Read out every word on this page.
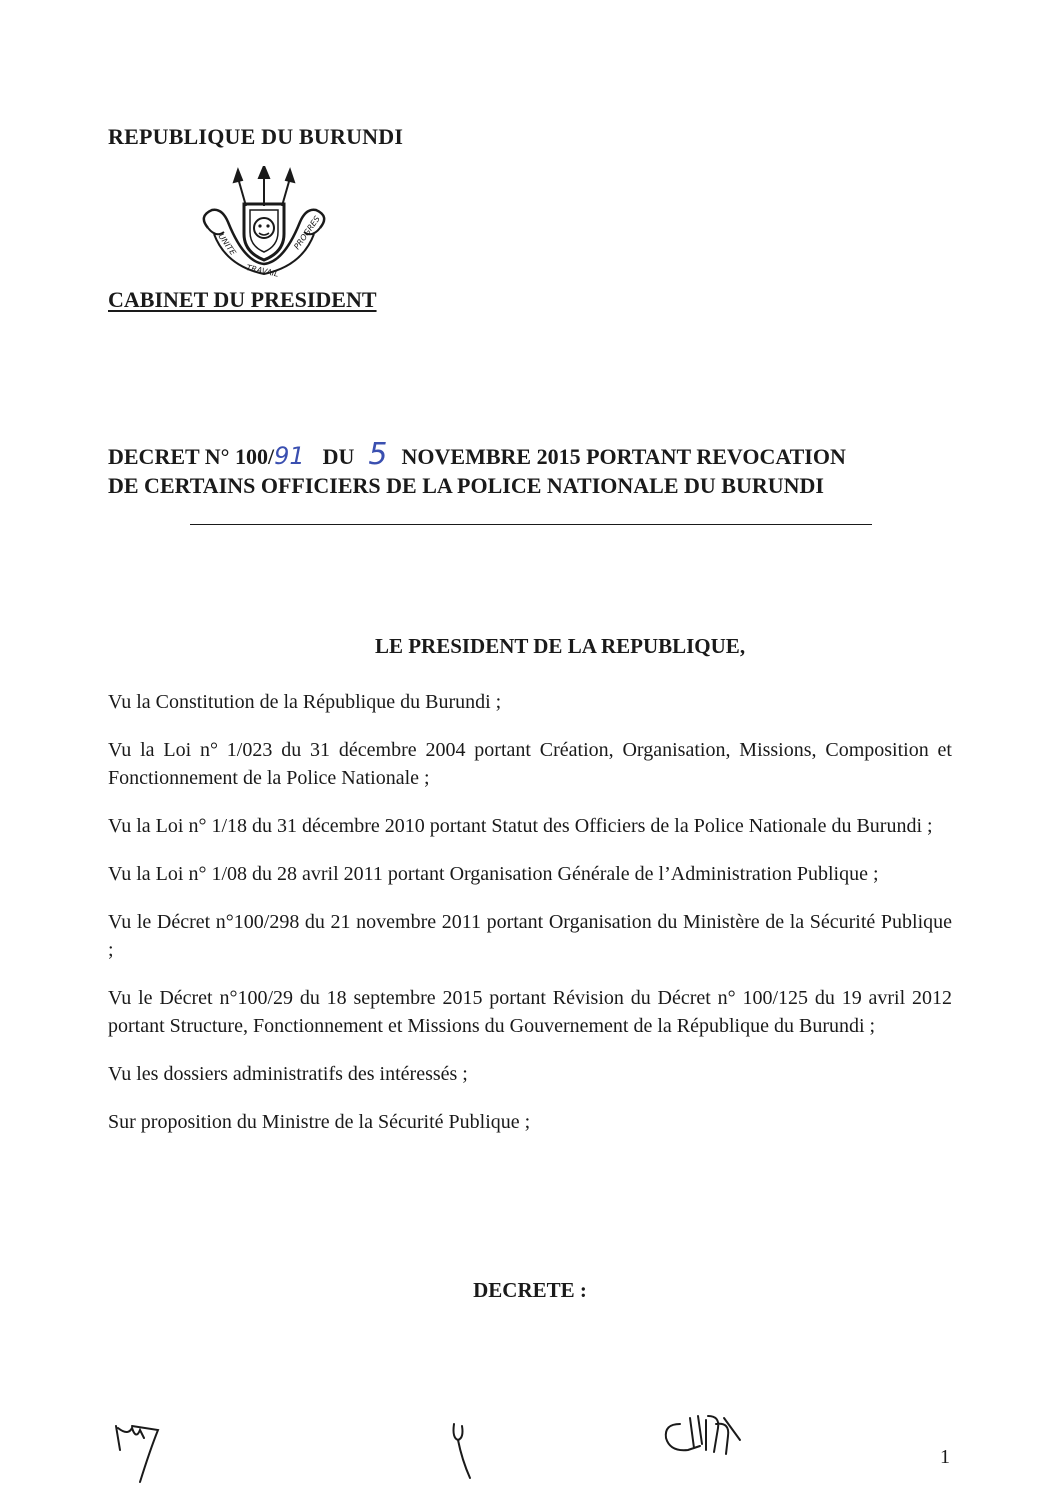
REPUBLIQUE DU BURUNDI
UNITE
TRAVAIL
PROGRES
CABINET DU PRESIDENT
DECRET N° 100/91 DU 5 NOVEMBRE 2015 PORTANT REVOCATION
DE CERTAINS OFFICIERS DE LA POLICE NATIONALE DU BURUNDI
LE PRESIDENT DE LA REPUBLIQUE,

Vu la Constitution de la République du Burundi ;

Vu la Loi n° 1/023 du 31 décembre 2004 portant Création, Organisation, Missions, Composition et Fonctionnement de la Police Nationale ;

Vu la Loi n° 1/18 du 31 décembre 2010 portant Statut des Officiers de la Police Nationale du Burundi ;

Vu la Loi n° 1/08 du 28 avril 2011 portant Organisation Générale de l’Administration Publique ;

Vu le Décret n°100/298 du 21 novembre 2011 portant Organisation du Ministère de la Sécurité Publique ;

Vu le Décret n°100/29 du 18 septembre 2015 portant Révision du Décret n° 100/125 du 19 avril 2012 portant Structure, Fonctionnement et Missions du Gouvernement de la République du Burundi ;

Vu les dossiers administratifs des intéressés ;

Sur proposition du Ministre de la Sécurité Publique ;

DECRETE :
1
